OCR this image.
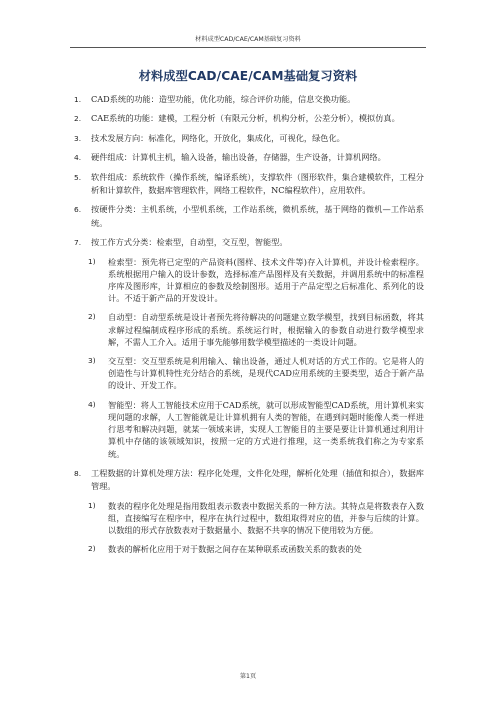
材料成型CAD/CAE/CAM基础复习资料
材料成型CAD/CAE/CAM基础复习资料
1. CAD系统的功能：造型功能，优化功能，综合评价功能，信息交换功能。
2. CAE系统的功能：建模，工程分析（有限元分析，机构分析，公差分析），模拟仿真。
3. 技术发展方向：标准化，网络化，开放化，集成化，可视化，绿色化。
4. 硬件组成：计算机主机，输入设备，输出设备，存储器，生产设备，计算机网络。
5. 软件组成：系统软件（操作系统，编译系统），支撑软件（图形软件，集合建模软件，工程分析和计算软件，数据库管理软件，网络工程软件，NC编程软件），应用软件。
6. 按硬件分类：主机系统，小型机系统，工作站系统，微机系统，基于网络的微机—工作站系统。
7. 按工作方式分类：检索型，自动型，交互型，智能型。
1) 检索型：预先将已定型的产品资料(图样、技术文件等)存入计算机，并设计检索程序。系统根据用户输入的设计参数，选择标准产品图样及有关数据，并调用系统中的标准程序库及图形库，计算相应的参数及绘制图形。适用于产品定型之后标准化、系列化的设计。不适于新产品的开发设计。
2) 自动型：自动型系统是设计者预先将待解决的问题建立数学模型，找到目标函数，将其求解过程编制成程序形成的系统。系统运行时，根据输入的参数自动进行数学模型求解，不需人工介入。适用于事先能够用数学模型描述的一类设计问题。
3) 交互型：交互型系统是利用输入、输出设备，通过人机对话的方式工作的。它是将人的创造性与计算机特性充分结合的系统，是现代CAD应用系统的主要类型，适合于新产品的设计、开发工作。
4) 智能型：将人工智能技术应用于CAD系统，就可以形成智能型CAD系统，用计算机来实现问题的求解，人工智能就是让计算机拥有人类的智能，在遇到问题时能像人类一样进行思考和解决问题，就某一领域来讲，实现人工智能目的主要是要让计算机通过利用计算机中存储的该领域知识，按照一定的方式进行推理，这一类系统我们称之为专家系统。
8. 工程数据的计算机处理方法：程序化处理，文件化处理，解析化处理（插值和拟合），数据库管理。
1) 数表的程序化处理是指用数组表示数表中数据关系的一种方法。其特点是将数表存入数组，直接编写在程序中，程序在执行过程中，数组取得对应的值，并参与后续的计算。以数组的形式存放数表对于数据量小、数据不共享的情况下使用较为方便。
2) 数表的解析化应用于对于数据之间存在某种联系或函数关系的数表的处
第1页
